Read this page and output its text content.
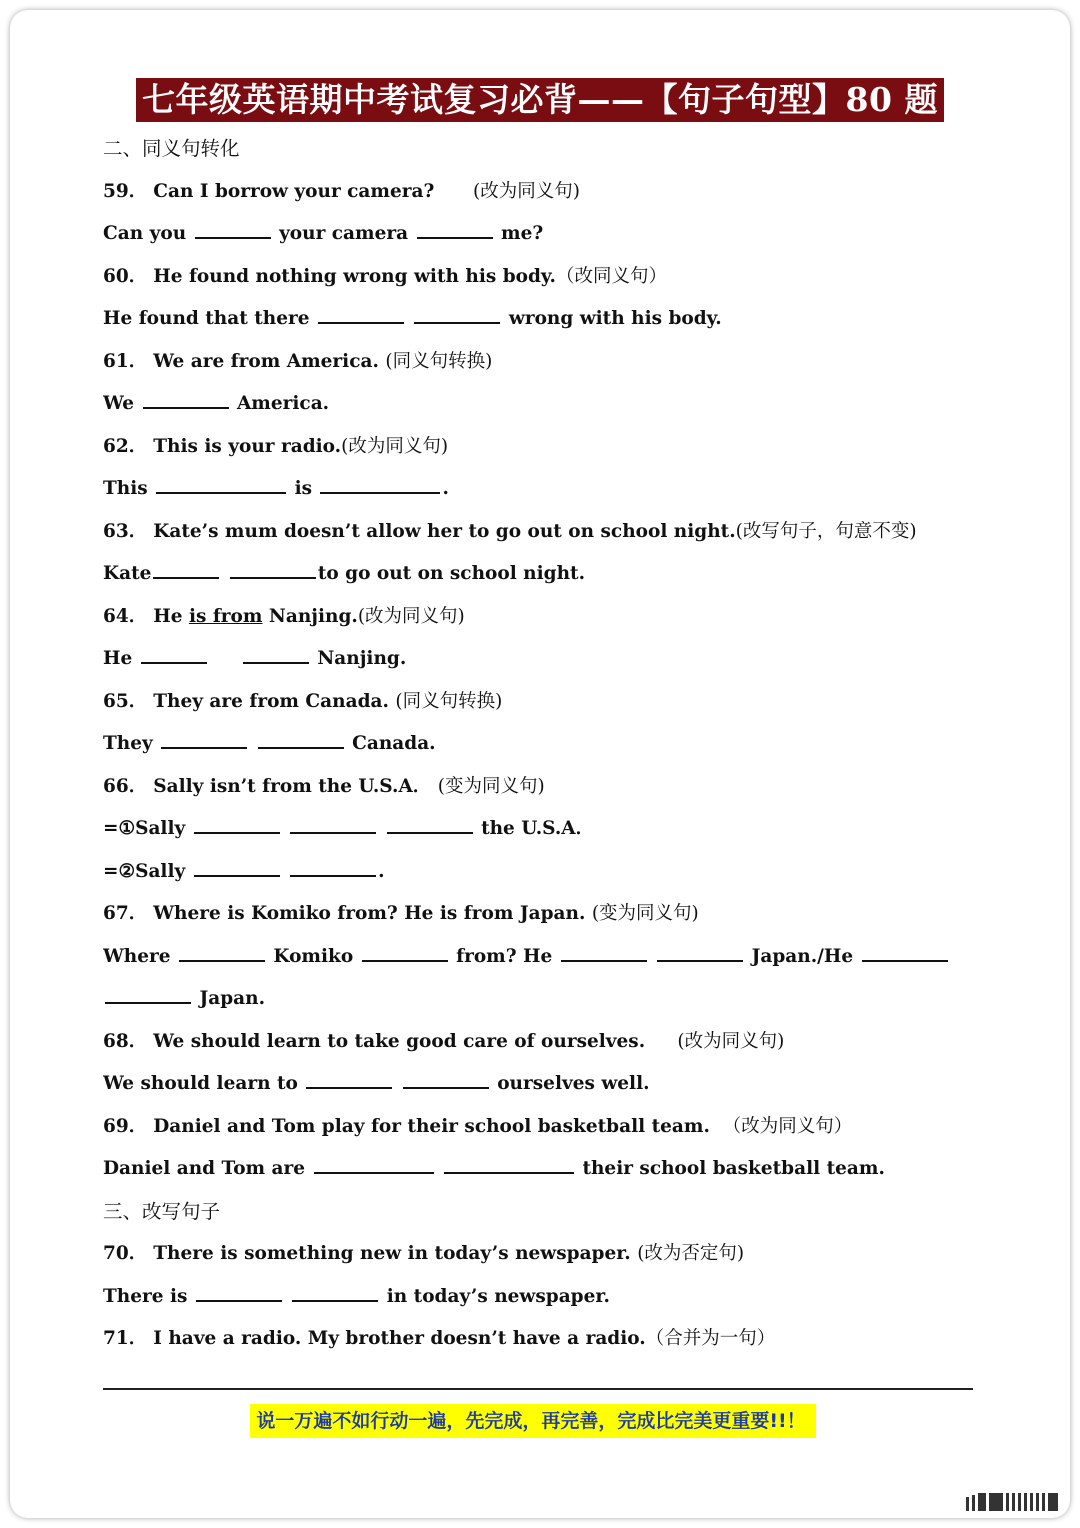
七年级英语期中考试复习必背——【句子句型】80 题
二、同义句转化
59． Can I borrow your camera? (改为同义句)
Can you	your camera	me?
60． He found nothing wrong with his body.（改同义句）
He found that there	wrong with his body.
61． We are from America. (同义句转换)
We	America.
62． This is your radio.(改为同义句)
This	is	.
63． Kate’s mum doesn’t allow her to go out on school night.(改写句子，句意不变)
Kate	to go out on school night.
64． He is from Nanjing.(改为同义句)
He	Nanjing.
65． They are from Canada. (同义句转换)
They	Canada.
66． Sally isn’t from the U.S.A． (变为同义句)
=①Sally	the U.S.A．
=②Sally	.
67． Where is Komiko from? He is from Japan. (变为同义句)
Where	Komiko	from? He	Japan./He
Japan.
68． We should learn to take good care of ourselves. (改为同义句)
We should learn to	ourselves well.
69． Daniel and Tom play for their school basketball team. （改为同义句）
Daniel and Tom are	their school basketball team.
三、改写句子
70． There is something new in today’s newspaper. (改为否定句)
There is	in today’s newspaper.
71． I have a radio. My brother doesn’t have a radio.（合并为一句）
说一万遍不如行动一遍，先完成，再完善，完成比完美更重要!!！
